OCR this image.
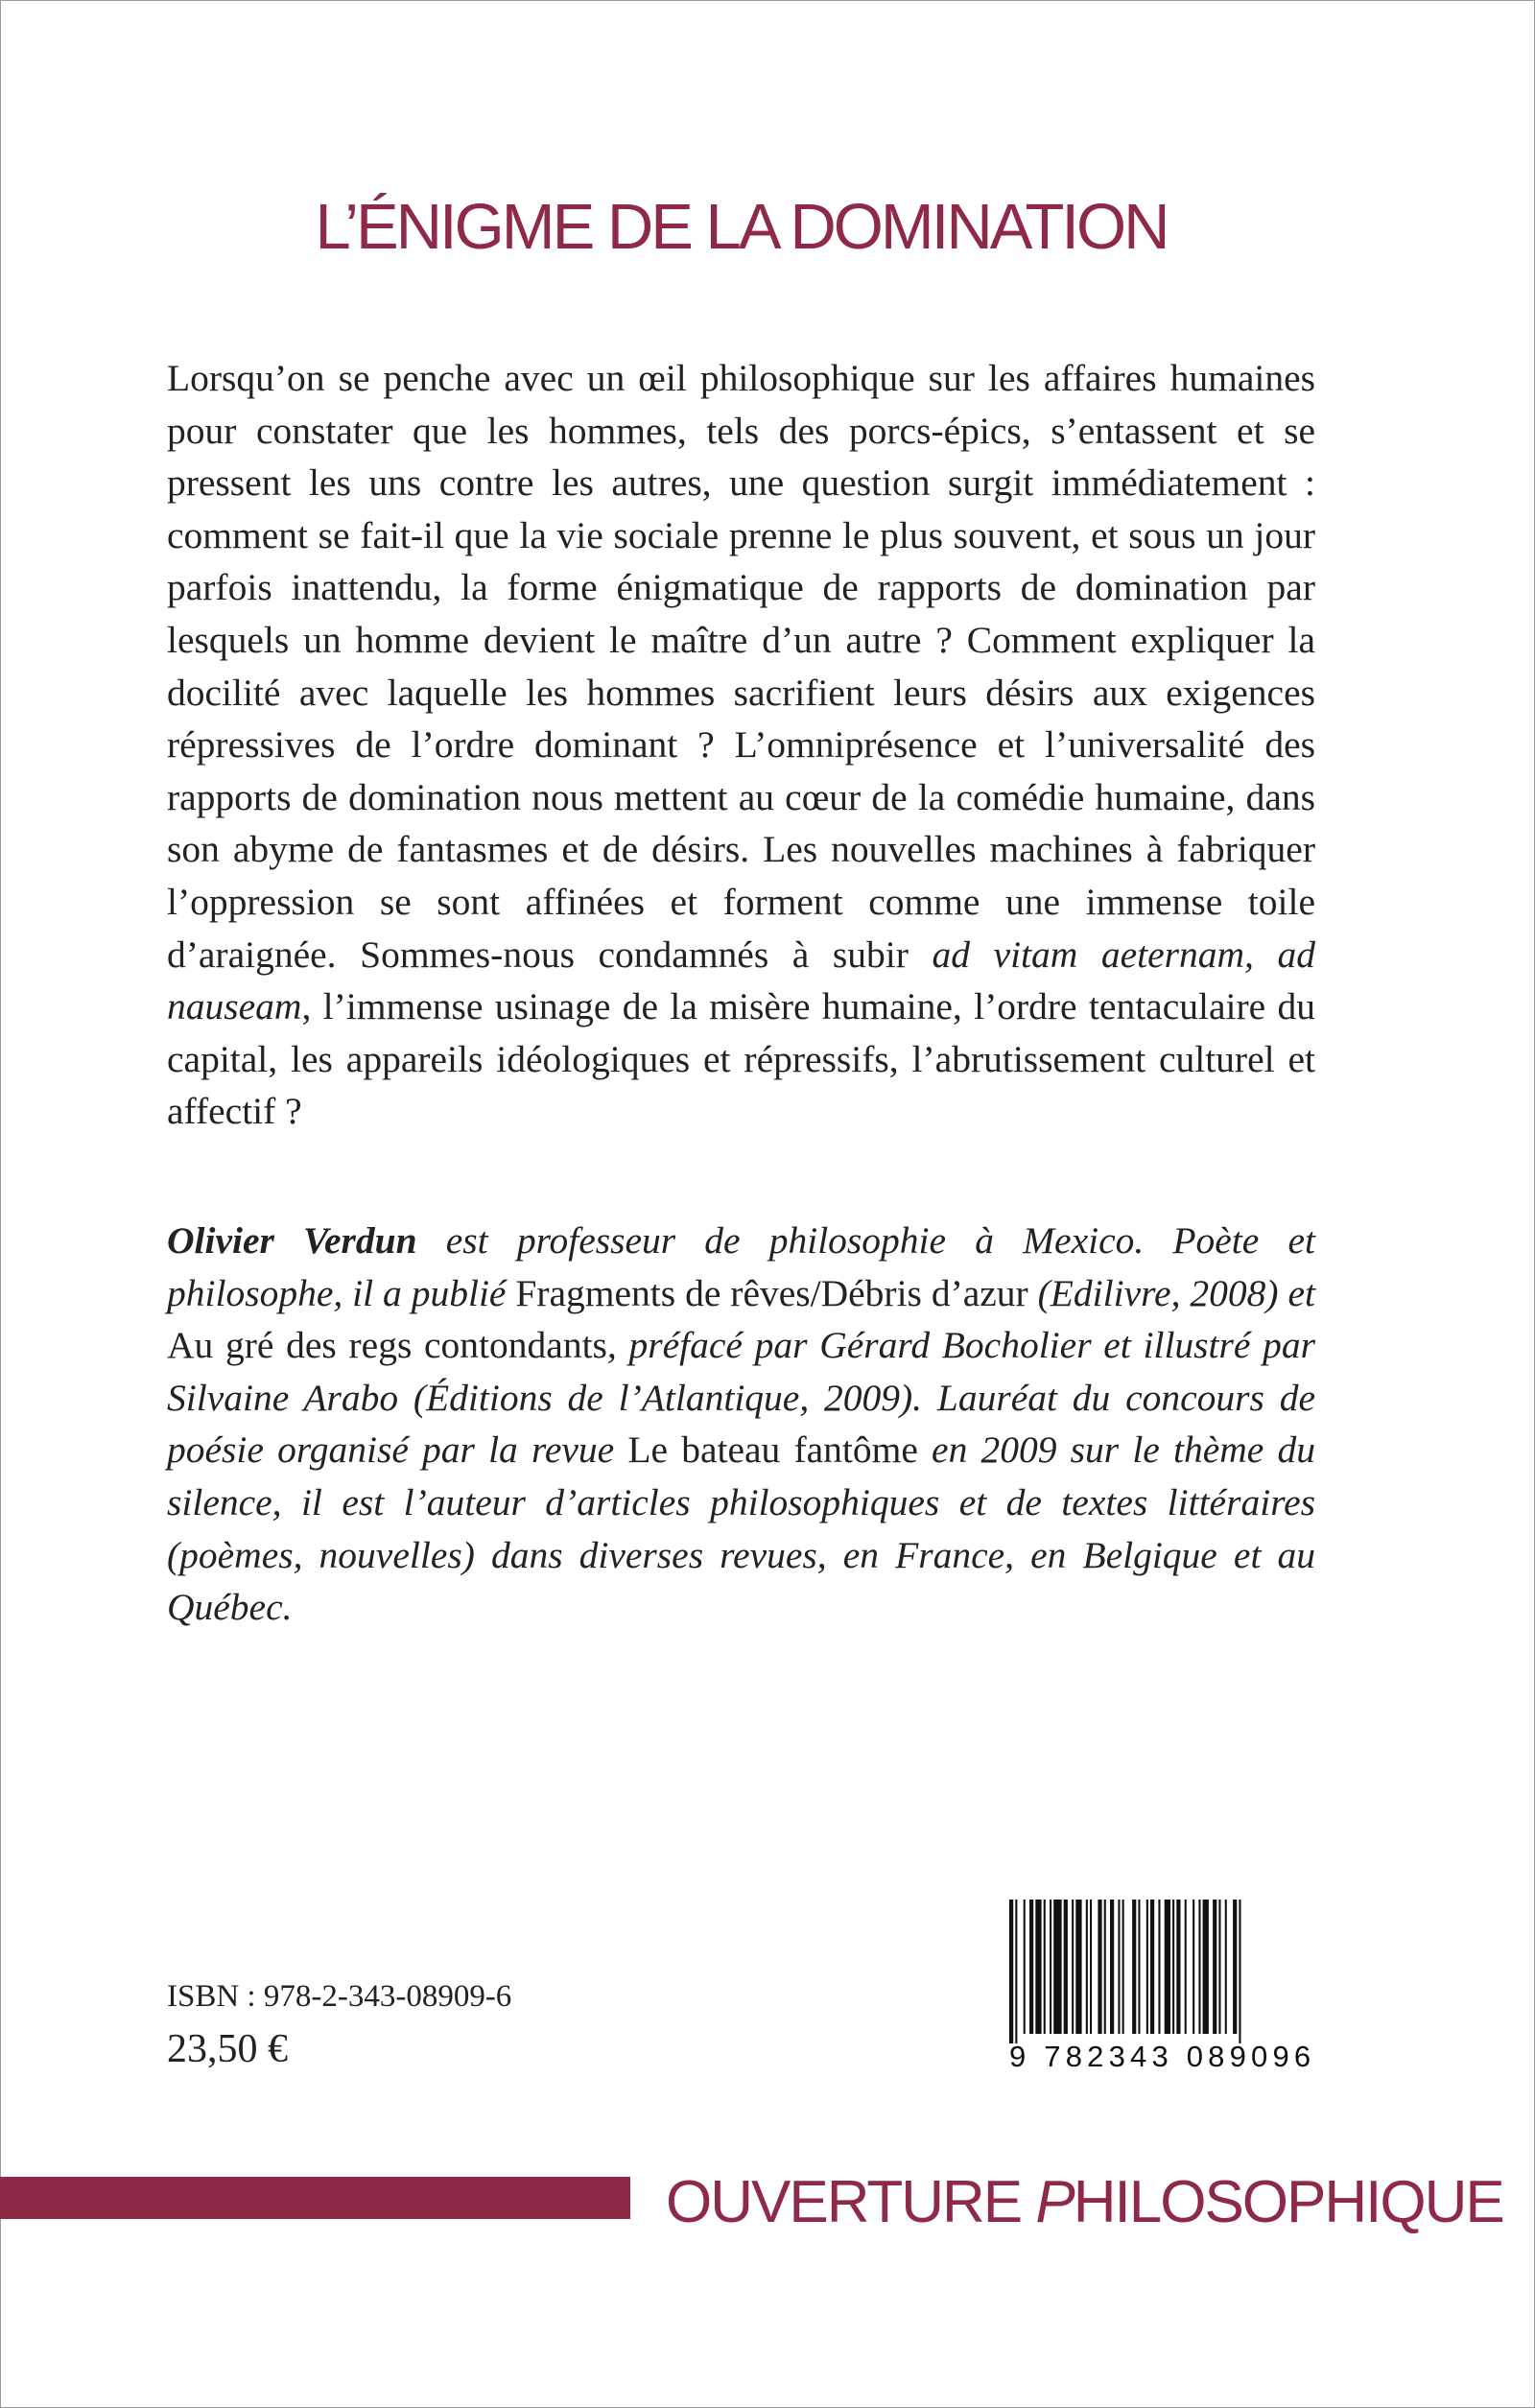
L’ÉNIGME DE LA DOMINATION

Lorsqu’on se penche avec un œil philosophique sur les affaires humaines pour constater que les hommes, tels des porcs-épics, s’entassent et se pressent les uns contre les autres, une question surgit immédiatement : comment se fait-il que la vie sociale prenne le plus souvent, et sous un jour parfois inattendu, la forme énigmatique de rapports de domination par lesquels un homme devient le maître d’un autre ? Comment expliquer la docilité avec laquelle les hommes sacrifient leurs désirs aux exigences répressives de l’ordre dominant ? L’omniprésence et l’universalité des rapports de domination nous mettent au cœur de la comédie humaine, dans son abyme de fantasmes et de désirs. Les nouvelles machines à fabriquer l’oppression se sont affinées et forment comme une immense toile d’araignée. Sommes-nous condamnés à subir ad vitam aeternam, ad nauseam, l’immense usinage de la misère humaine, l’ordre tentaculaire du capital, les appareils idéologiques et répressifs, l’abrutissement culturel et affectif ?

Olivier Verdun est professeur de philosophie à Mexico. Poète et philosophe, il a publié Fragments de rêves/Débris d’azur (Edilivre, 2008) et Au gré des regs contondants, préfacé par Gérard Bocholier et illustré par Silvaine Arabo (Éditions de l’Atlantique, 2009). Lauréat du concours de poésie organisé par la revue Le bateau fantôme en 2009 sur le thème du silence, il est l’auteur d’articles philosophiques et de textes littéraires (poèmes, nouvelles) dans diverses revues, en France, en Belgique et au Québec.

ISBN : 978-2-343-08909-6
23,50 €	9 782343 089096
OUVERTURE PHILOSOPHIQUE
